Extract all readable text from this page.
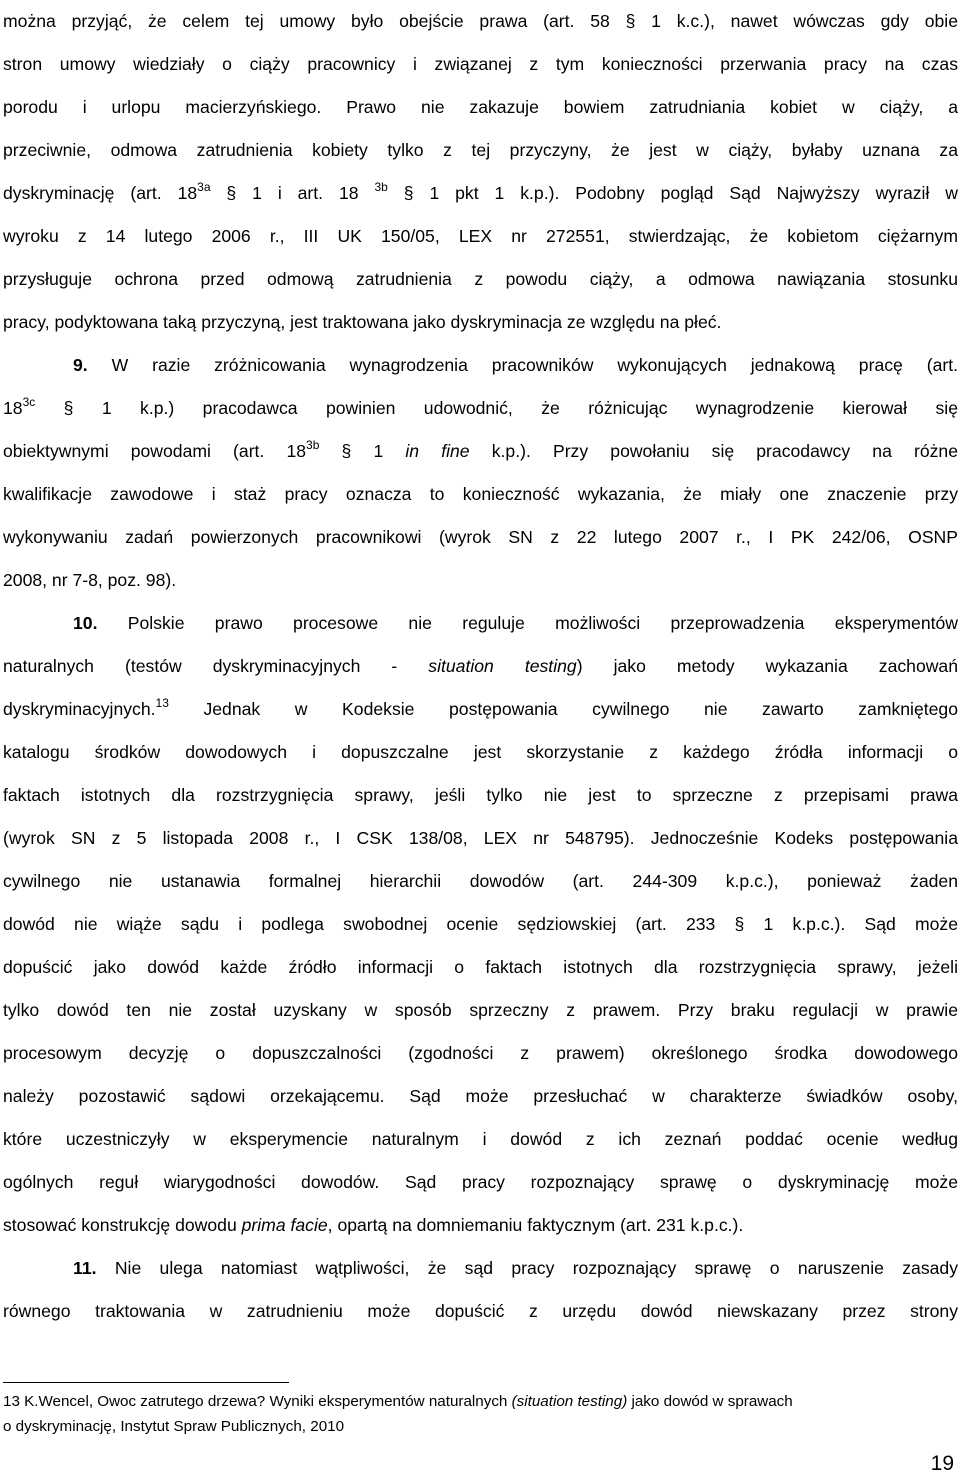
można przyjąć, że celem tej umowy było obejście prawa (art. 58 § 1 k.c.), nawet wówczas gdy obie
stron umowy wiedziały o ciąży pracownicy i związanej z tym konieczności przerwania pracy na czas
porodu i urlopu macierzyńskiego. Prawo nie zakazuje bowiem zatrudniania kobiet w ciąży, a
przeciwnie, odmowa zatrudnienia kobiety tylko z tej przyczyny, że jest w ciąży, byłaby uznana za
dyskryminację (art. $18^{3a}$ § 1 i art. 18 $^{3b}$ § 1 pkt 1 k.p.). Podobny pogląd Sąd Najwyższy wyraził w
wyroku z 14 lutego 2006 r., III UK 150/05, LEX nr 272551, stwierdzając, że kobietom ciężarnym
przysługuje ochrona przed odmową zatrudnienia z powodu ciąży, a odmowa nawiązania stosunku
pracy, podyktowana taką przyczyną, jest traktowana jako dyskryminacja ze względu na płeć.
9. W razie zróżnicowania wynagrodzenia pracowników wykonujących jednakową pracę (art.
$18^{3c}$ § 1 k.p.) pracodawca powinien udowodnić, że różnicując wynagrodzenie kierował się
obiektywnymi powodami (art. $18^{3b}$ § 1 in fine k.p.). Przy powołaniu się pracodawcy na różne
kwalifikacje zawodowe i staż pracy oznacza to konieczność wykazania, że miały one znaczenie przy
wykonywaniu zadań powierzonych pracownikowi (wyrok SN z 22 lutego 2007 r., I PK 242/06, OSNP
2008, nr 7-8, poz. 98).
10. Polskie prawo procesowe nie reguluje możliwości przeprowadzenia eksperymentów
naturalnych (testów dyskryminacyjnych - situation testing) jako metody wykazania zachowań
dyskryminacyjnych.$^{13}$ Jednak w Kodeksie postępowania cywilnego nie zawarto zamkniętego
katalogu środków dowodowych i dopuszczalne jest skorzystanie z każdego źródła informacji o
faktach istotnych dla rozstrzygnięcia sprawy, jeśli tylko nie jest to sprzeczne z przepisami prawa
(wyrok SN z 5 listopada 2008 r., I CSK 138/08, LEX nr 548795). Jednocześnie Kodeks postępowania
cywilnego nie ustanawia formalnej hierarchii dowodów (art. 244-309 k.p.c.), ponieważ żaden
dowód nie wiąże sądu i podlega swobodnej ocenie sędziowskiej (art. 233 § 1 k.p.c.). Sąd może
dopuścić jako dowód każde źródło informacji o faktach istotnych dla rozstrzygnięcia sprawy, jeżeli
tylko dowód ten nie został uzyskany w sposób sprzeczny z prawem. Przy braku regulacji w prawie
procesowym decyzję o dopuszczalności (zgodności z prawem) określonego środka dowodowego
należy pozostawić sądowi orzekającemu. Sąd może przesłuchać w charakterze świadków osoby,
które uczestniczyły w eksperymencie naturalnym i dowód z ich zeznań poddać ocenie według
ogólnych reguł wiarygodności dowodów. Sąd pracy rozpoznający sprawę o dyskryminację może
stosować konstrukcję dowodu prima facie, opartą na domniemaniu faktycznym (art. 231 k.p.c.).
11. Nie ulega natomiast wątpliwości, że sąd pracy rozpoznający sprawę o naruszenie zasady
równego traktowania w zatrudnieniu może dopuścić z urzędu dowód niewskazany przez strony
13 K.Wencel, Owoc zatrutego drzewa? Wyniki eksperymentów naturalnych (situation testing) jako dowód w sprawach
o dyskryminację, Instytut Spraw Publicznych, 2010
19
